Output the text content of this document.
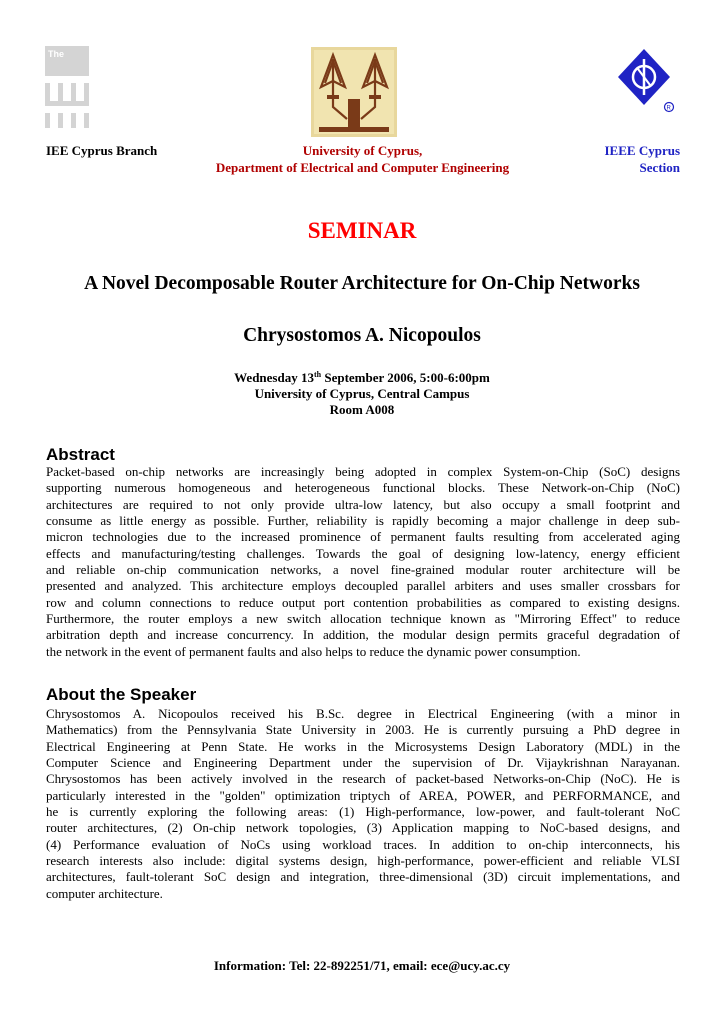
The
R
IEE Cyprus Branch	University of Cyprus,
Department of Electrical and Computer Engineering
IEEE Cyprus
Section
SEMINAR
A Novel Decomposable Router Architecture for On-Chip Networks
Chrysostomos A. Nicopoulos
Wednesday 13th September 2006, 5:00-6:00pm
University of Cyprus, Central Campus
Room A008
Abstract
Packet-based on-chip networks are increasingly being adopted in complex System-on-Chip (SoC) designs
supporting numerous homogeneous and heterogeneous functional blocks. These Network-on-Chip (NoC)
architectures are required to not only provide ultra-low latency, but also occupy a small footprint and
consume as little energy as possible. Further, reliability is rapidly becoming a major challenge in deep sub-
micron technologies due to the increased prominence of permanent faults resulting from accelerated aging
effects and manufacturing/testing challenges. Towards the goal of designing low-latency, energy efficient
and reliable on-chip communication networks, a novel fine-grained modular router architecture will be
presented and analyzed. This architecture employs decoupled parallel arbiters and uses smaller crossbars for
row and column connections to reduce output port contention probabilities as compared to existing designs.
Furthermore, the router employs a new switch allocation technique known as "Mirroring Effect" to reduce
arbitration depth and increase concurrency. In addition, the modular design permits graceful degradation of
the network in the event of permanent faults and also helps to reduce the dynamic power consumption.
About the Speaker
Chrysostomos A. Nicopoulos received his B.Sc. degree in Electrical Engineering (with a minor in
Mathematics) from the Pennsylvania State University in 2003. He is currently pursuing a PhD degree in
Electrical Engineering at Penn State. He works in the Microsystems Design Laboratory (MDL) in the
Computer Science and Engineering Department under the supervision of Dr. Vijaykrishnan Narayanan.
Chrysostomos has been actively involved in the research of packet-based Networks-on-Chip (NoC). He is
particularly interested in the "golden" optimization triptych of AREA, POWER, and PERFORMANCE, and
he is currently exploring the following areas: (1) High-performance, low-power, and fault-tolerant NoC
router architectures, (2) On-chip network topologies, (3) Application mapping to NoC-based designs, and
(4) Performance evaluation of NoCs using workload traces. In addition to on-chip interconnects, his
research interests also include: digital systems design, high-performance, power-efficient and reliable VLSI
architectures, fault-tolerant SoC design and integration, three-dimensional (3D) circuit implementations, and
computer architecture.
Information: Tel: 22-892251/71, email: ece@ucy.ac.cy
